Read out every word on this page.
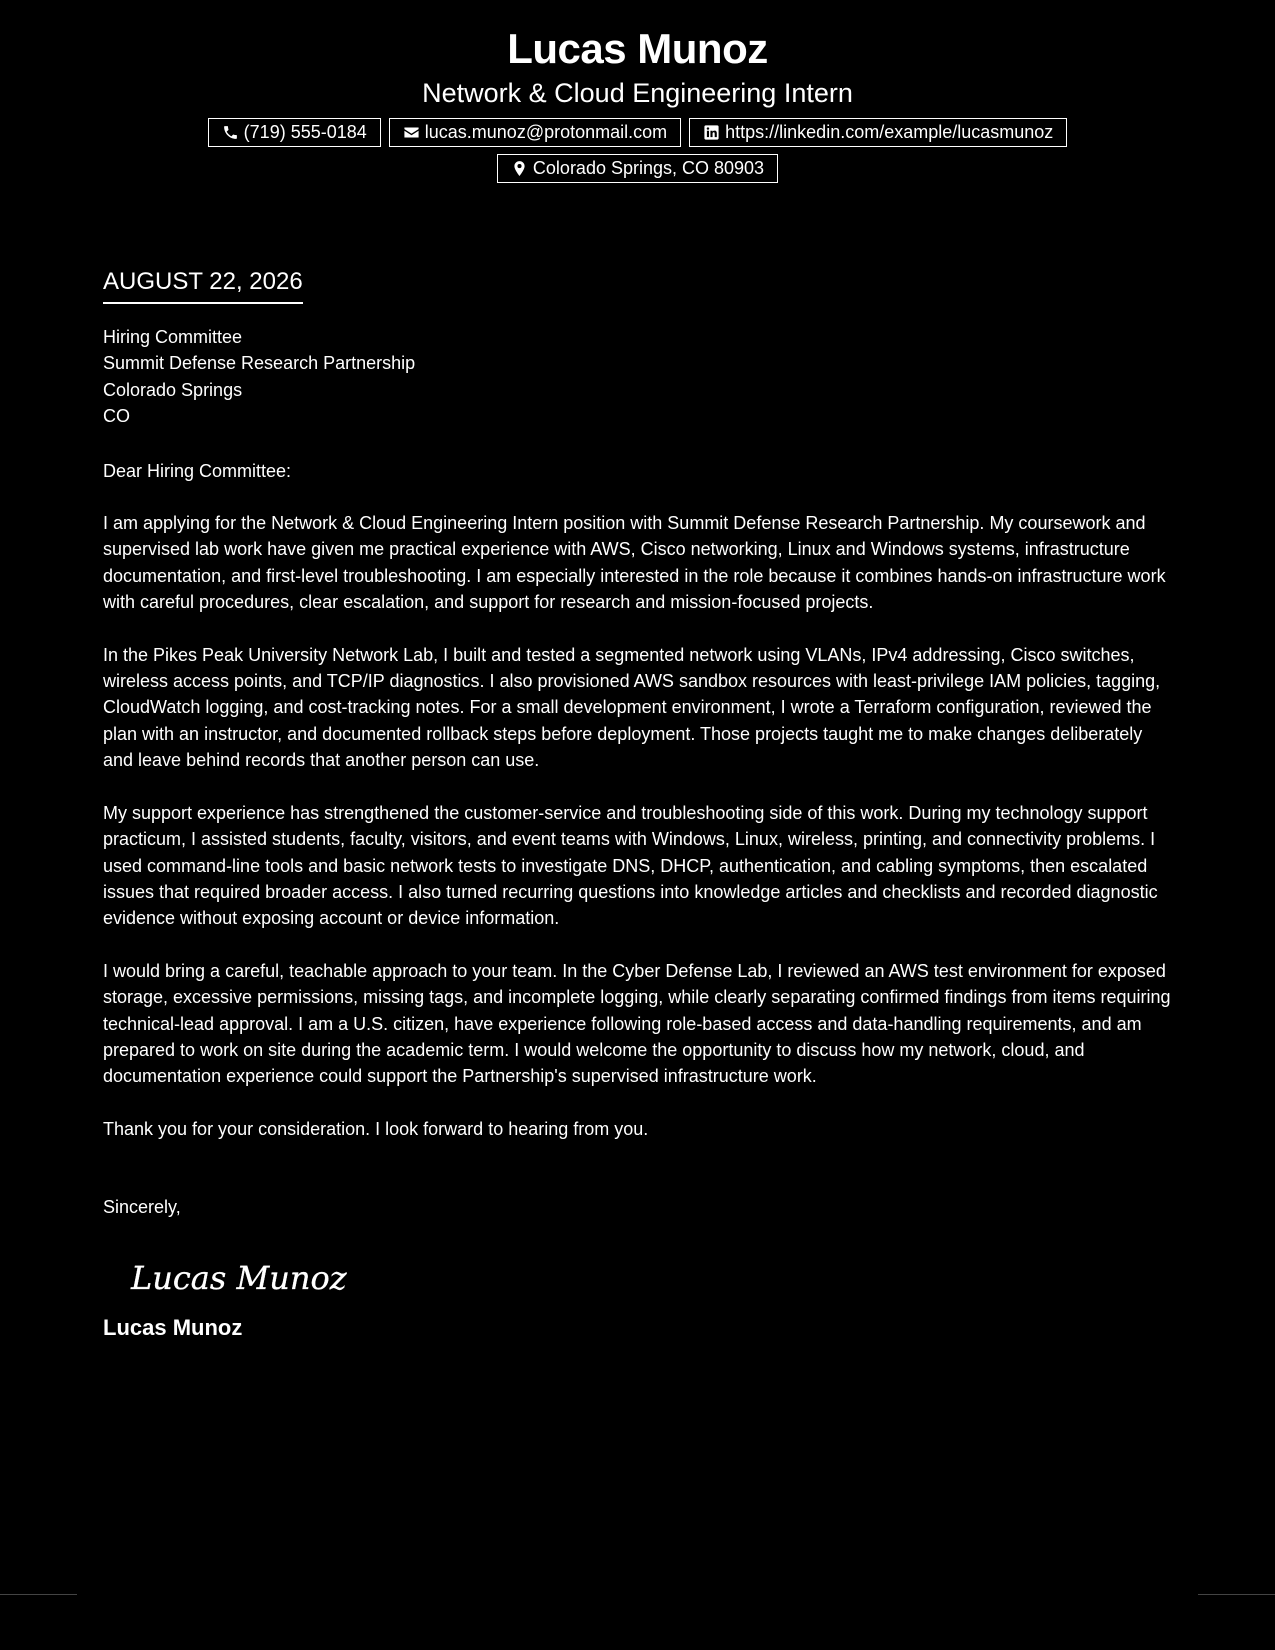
Lucas Munoz
Network & Cloud Engineering Intern
(719) 555-0184	lucas.munoz@protonmail.com	https://linkedin.com/example/lucasmunoz
Colorado Springs, CO 80903
AUGUST 22, 2026
Hiring Committee
Summit Defense Research Partnership
Colorado Springs
CO

Dear Hiring Committee:

I am applying for the Network & Cloud Engineering Intern position with Summit Defense Research Partnership. My coursework and supervised lab work have given me practical experience with AWS, Cisco networking, Linux and Windows systems, infrastructure documentation, and first-level troubleshooting. I am especially interested in the role because it combines hands-on infrastructure work with careful procedures, clear escalation, and support for research and mission-focused projects.

In the Pikes Peak University Network Lab, I built and tested a segmented network using VLANs, IPv4 addressing, Cisco switches, wireless access points, and TCP/IP diagnostics. I also provisioned AWS sandbox resources with least-privilege IAM policies, tagging, CloudWatch logging, and cost-tracking notes. For a small development environment, I wrote a Terraform configuration, reviewed the plan with an instructor, and documented rollback steps before deployment. Those projects taught me to make changes deliberately and leave behind records that another person can use.

My support experience has strengthened the customer-service and troubleshooting side of this work. During my technology support practicum, I assisted students, faculty, visitors, and event teams with Windows, Linux, wireless, printing, and connectivity problems. I used command-line tools and basic network tests to investigate DNS, DHCP, authentication, and cabling symptoms, then escalated issues that required broader access. I also turned recurring questions into knowledge articles and checklists and recorded diagnostic evidence without exposing account or device information.

I would bring a careful, teachable approach to your team. In the Cyber Defense Lab, I reviewed an AWS test environment for exposed storage, excessive permissions, missing tags, and incomplete logging, while clearly separating confirmed findings from items requiring technical-lead approval. I am a U.S. citizen, have experience following role-based access and data-handling requirements, and am prepared to work on site during the academic term. I would welcome the opportunity to discuss how my network, cloud, and documentation experience could support the Partnership's supervised infrastructure work.

Thank you for your consideration. I look forward to hearing from you.

Sincerely,

Lucas Munoz
Lucas Munoz
